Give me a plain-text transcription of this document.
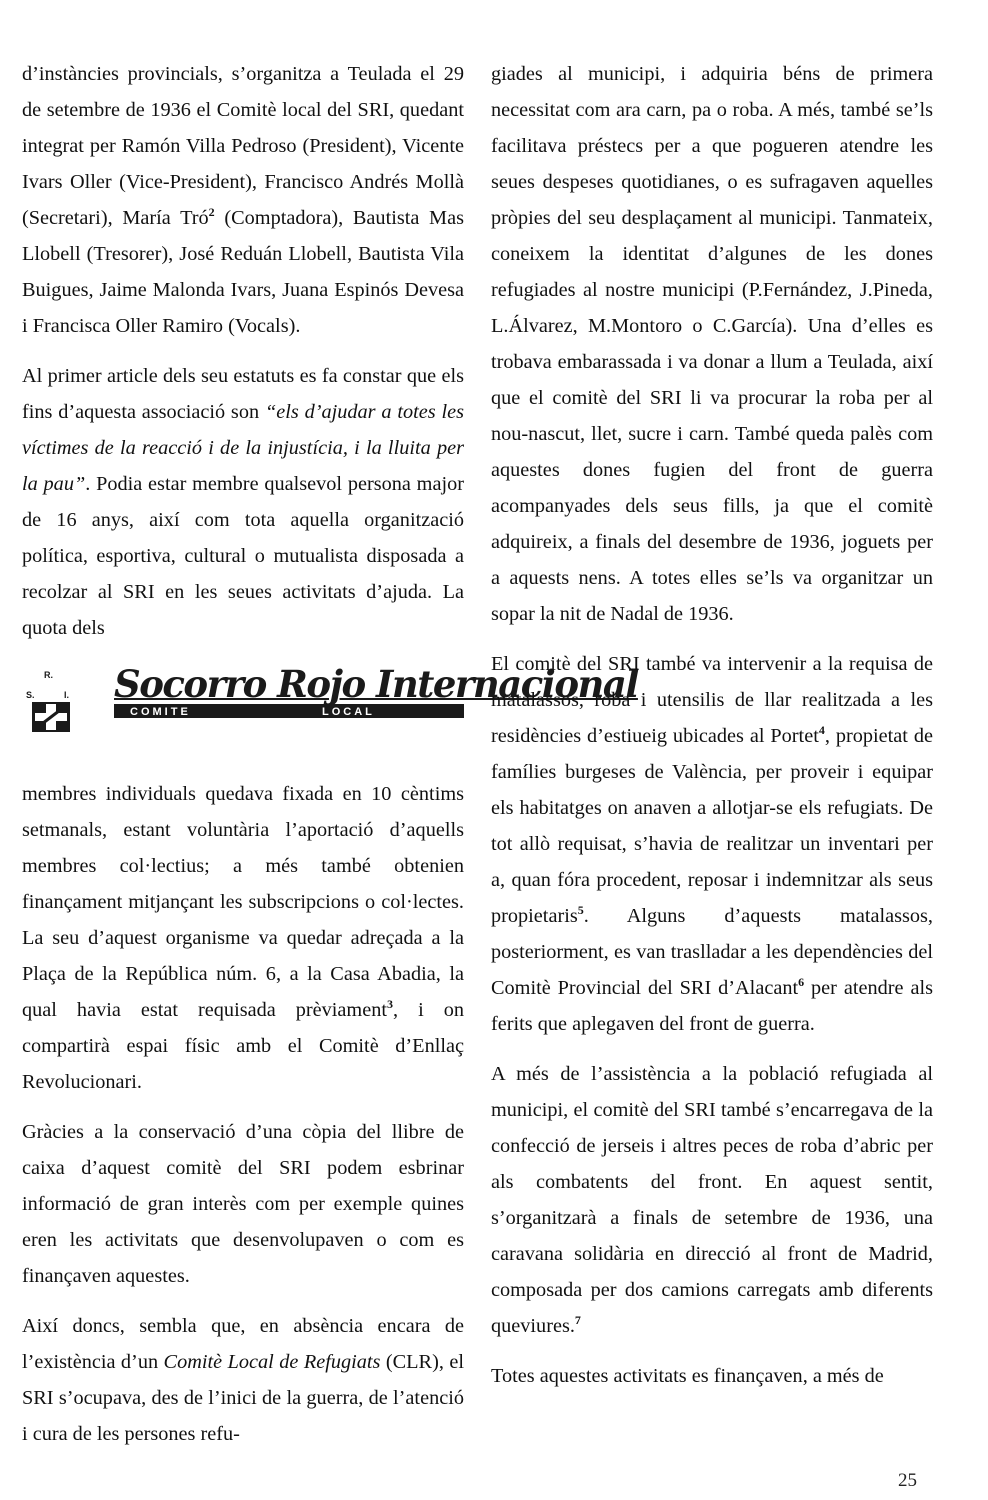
d’instàncies provincials, s’organitza a Teulada el 29 de setembre de 1936 el Comitè local del SRI, quedant integrat per Ramón Villa Pedroso (President), Vicente Ivars Oller (Vice-President), Francisco Andrés Mollà (Secretari), María Tró$^2$ (Comptadora), Bautista Mas Llobell (Tresorer), José Reduán Llobell, Bautista Vila Buigues, Jaime Malonda Ivars, Juana Espinós Devesa i Francisca Oller Ramiro (Vocals).

Al primer article dels seu estatuts es fa constar que els fins d’aquesta associació son “els d’ajudar a totes les víctimes de la reacció i de la injustícia, i la lluita per la pau”. Podia estar membre qualsevol persona major de 16 anys, així com tota aquella organització política, esportiva, cultural o mutualista disposada a recolzar al SRI en les seues activitats d’ajuda. La quota dels

R.
S.	I. Socorro Rojo Internacional
COMITE	LOCAL

membres individuals quedava fixada en 10 cèntims setmanals, estant voluntària l’aportació d’aquells membres col·lectius; a més també obtenien finançament mitjançant les subscripcions o col·lectes. La seu d’aquest organisme va quedar adreçada a la Plaça de la República núm. 6, a la Casa Abadia, la qual havia estat requisada prèviament$^3$, i on compartirà espai físic amb el Comitè d’Enllaç Revolucionari.

Gràcies a la conservació d’una còpia del llibre de caixa d’aquest comitè del SRI podem esbrinar informació de gran interès com per exemple quines eren les activitats que desenvolupaven o com es finançaven aquestes.

Així doncs, sembla que, en absència encara de l’existència d’un Comitè Local de Refugiats (CLR), el SRI s’ocupava, des de l’inici de la guerra, de l’atenció i cura de les persones refu-

giades al municipi, i adquiria béns de primera necessitat com ara carn, pa o roba. A més, també se’ls facilitava préstecs per a que pogueren atendre les seues despeses quotidianes, o es sufragaven aquelles pròpies del seu desplaçament al municipi. Tanmateix, coneixem la identitat d’algunes de les dones refugiades al nostre municipi (P.Fernández, J.Pineda, L.Álvarez, M.Montoro o C.García). Una d’elles es trobava embarassada i va donar a llum a Teulada, així que el comitè del SRI li va procurar la roba per al nou-nascut, llet, sucre i carn. També queda palès com aquestes dones fugien del front de guerra acompanyades dels seus fills, ja que el comitè adquireix, a finals del desembre de 1936, joguets per a aquests nens. A totes elles se’ls va organitzar un sopar la nit de Nadal de 1936.

El comitè del SRI també va intervenir a la requisa de matalassos, roba i utensilis de llar realitzada a les residències d’estiueig ubicades al Portet$^4$, propietat de famílies burgeses de València, per proveir i equipar els habitatges on anaven a allotjar-se els refugiats. De tot allò requisat, s’havia de realitzar un inventari per a, quan fóra procedent, reposar i indemnitzar als seus propietaris$^5$. Alguns d’aquests matalassos, posteriorment, es van traslladar a les dependències del Comitè Provincial del SRI d’Alacant$^6$ per atendre als ferits que aplegaven del front de guerra.

A més de l’assistència a la població refugiada al municipi, el comitè del SRI també s’encarregava de la confecció de jerseis i altres peces de roba d’abric per als combatents del front. En aquest sentit, s’organitzarà a finals de setembre de 1936, una caravana solidària en direcció al front de Madrid, composada per dos camions carregats amb diferents queviures.$^7$

Totes aquestes activitats es finançaven, a més de

25
